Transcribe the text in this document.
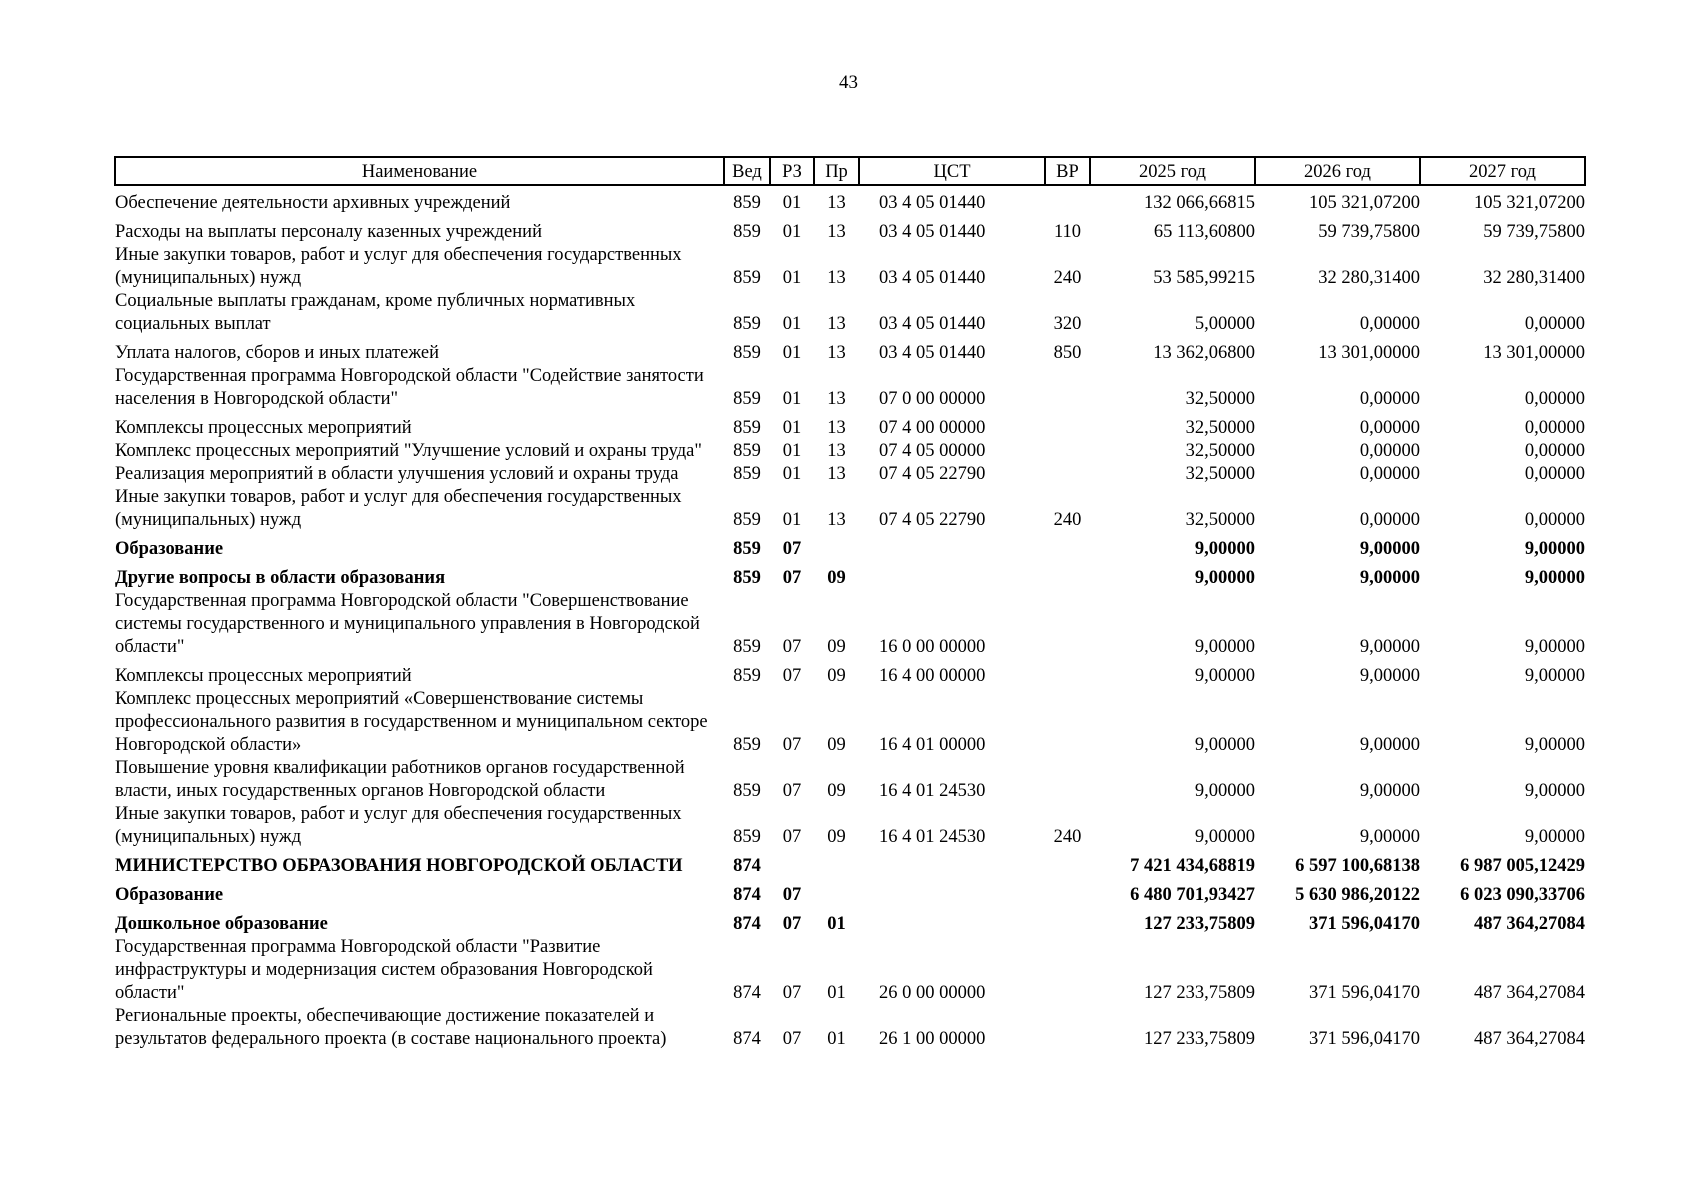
43
Наименование	Вед	РЗ	Пр	ЦСТ	ВР	2025 год	2026 год	2027 год
Обеспечение деятельности архивных учреждений	859	01	13	03 4 05 01440		132 066,66815	105 321,07200	105 321,07200
Расходы на выплаты персоналу казенных учреждений	859	01	13	03 4 05 01440	110	65 113,60800	59 739,75800	59 739,75800
Иные закупки товаров, работ и услуг для обеспечения государственных (муниципальных) нужд	859	01	13	03 4 05 01440	240	53 585,99215	32 280,31400	32 280,31400
Социальные выплаты гражданам, кроме публичных нормативных социальных выплат	859	01	13	03 4 05 01440	320	5,00000	0,00000	0,00000
Уплата налогов, сборов и иных платежей	859	01	13	03 4 05 01440	850	13 362,06800	13 301,00000	13 301,00000
Государственная программа Новгородской области "Содействие занятости населения в Новгородской области"	859	01	13	07 0 00 00000		32,50000	0,00000	0,00000
Комплексы процессных мероприятий	859	01	13	07 4 00 00000		32,50000	0,00000	0,00000
Комплекс процессных мероприятий "Улучшение условий и охраны труда"	859	01	13	07 4 05 00000		32,50000	0,00000	0,00000
Реализация мероприятий в области улучшения условий и охраны труда	859	01	13	07 4 05 22790		32,50000	0,00000	0,00000
Иные закупки товаров, работ и услуг для обеспечения государственных (муниципальных) нужд	859	01	13	07 4 05 22790	240	32,50000	0,00000	0,00000
Образование	859	07				9,00000	9,00000	9,00000
Другие вопросы в области образования	859	07	09			9,00000	9,00000	9,00000
Государственная программа Новгородской области "Совершенствование системы государственного и муниципального управления в Новгородской области"	859	07	09	16 0 00 00000		9,00000	9,00000	9,00000
Комплексы процессных мероприятий	859	07	09	16 4 00 00000		9,00000	9,00000	9,00000
Комплекс процессных мероприятий «Совершенствование системы профессионального развития в государственном и муниципальном секторе Новгородской области»	859	07	09	16 4 01 00000		9,00000	9,00000	9,00000
Повышение уровня квалификации работников органов государственной власти, иных государственных органов Новгородской области	859	07	09	16 4 01 24530		9,00000	9,00000	9,00000
Иные закупки товаров, работ и услуг для обеспечения государственных (муниципальных) нужд	859	07	09	16 4 01 24530	240	9,00000	9,00000	9,00000
МИНИСТЕРСТВО ОБРАЗОВАНИЯ НОВГОРОДСКОЙ ОБЛАСТИ	874					7 421 434,68819	6 597 100,68138	6 987 005,12429
Образование	874	07				6 480 701,93427	5 630 986,20122	6 023 090,33706
Дошкольное образование	874	07	01			127 233,75809	371 596,04170	487 364,27084
Государственная программа Новгородской области "Развитие инфраструктуры и модернизация систем образования Новгородской области"	874	07	01	26 0 00 00000		127 233,75809	371 596,04170	487 364,27084
Региональные проекты, обеспечивающие достижение показателей и результатов федерального проекта (в составе национального проекта)	874	07	01	26 1 00 00000		127 233,75809	371 596,04170	487 364,27084
